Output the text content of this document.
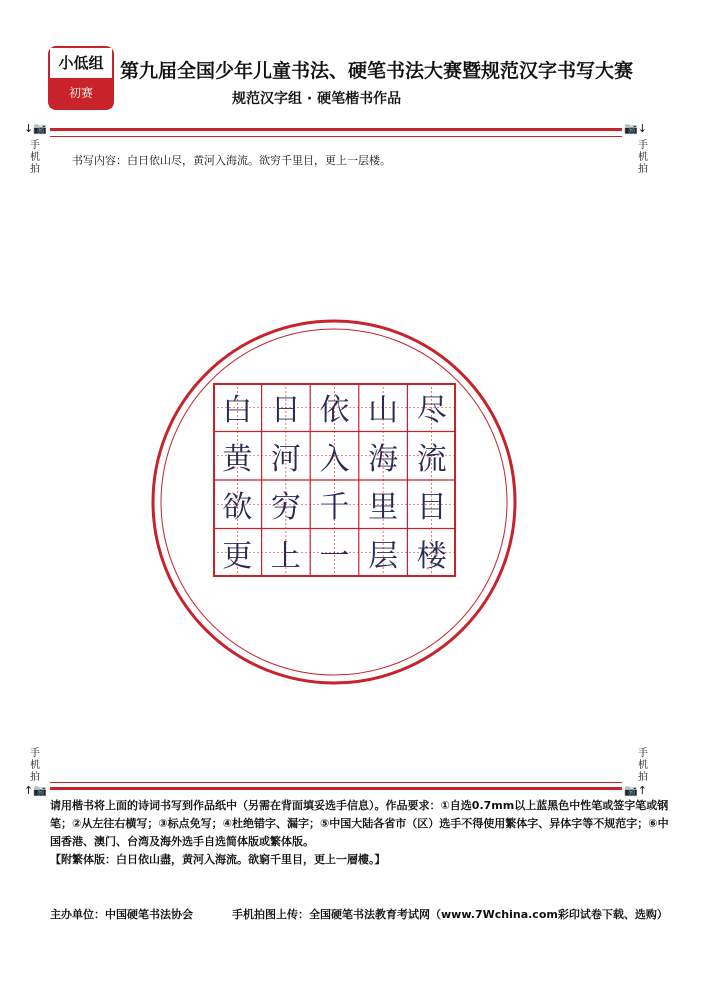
小低组
初赛
第九届全国少年儿童书法、硬笔书法大赛暨规范汉字书写大赛
规范汉字组 · 硬笔楷书作品
↓📷
手
机
拍
📷↓
手
机
拍
书写内容：白日依山尽，黄河入海流。欲穷千里目，更上一层楼。
白 日 依 山 尽
黄 河 入 海 流
欲 穷 千 里 目
更 上 一 层 楼
手
机
拍
↑📷
手
机
拍
📷↑
请用楷书将上面的诗词书写到作品纸中（另需在背面填妥选手信息）。作品要求：①自选0.7mm以上蓝黑色中性笔或签字笔或钢笔；②从左往右横写；③标点免写；④杜绝错字、漏字；⑤中国大陆各省市（区）选手不得使用繁体字、异体字等不规范字；⑥中国香港、澳门、台湾及海外选手自选简体版或繁体版。
【附繁体版：白日依山盡，黄河入海流。欲窮千里目，更上一層樓。】
主办单位：中国硬笔书法协会	手机拍图上传：全国硬笔书法教育考试网（www.7Wchina.com彩印试卷下载、选购）
